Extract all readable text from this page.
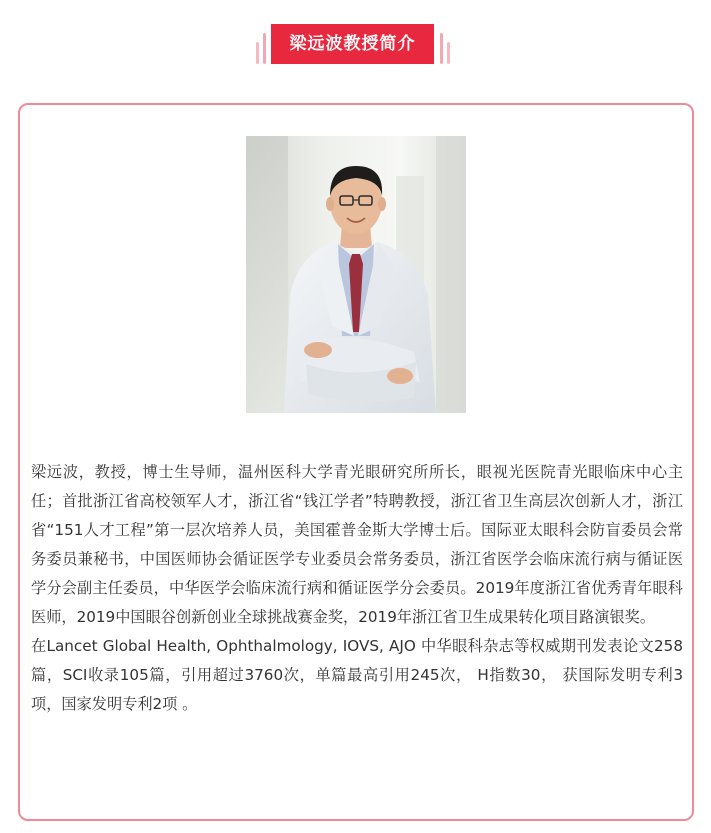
梁远波教授简介

梁远波，教授，博士生导师，温州医科大学青光眼研究所所长，眼视光医院青光眼临床中心主任；首批浙江省高校领军人才，浙江省“钱江学者”特聘教授，浙江省卫生高层次创新人才，浙江省“151人才工程”第一层次培养人员，美国霍普金斯大学博士后。国际亚太眼科会防盲委员会常务委员兼秘书，中国医师协会循证医学专业委员会常务委员，浙江省医学会临床流行病与循证医学分会副主任委员，中华医学会临床流行病和循证医学分会委员。2019年度浙江省优秀青年眼科医师，2019中国眼谷创新创业全球挑战赛金奖，2019年浙江省卫生成果转化项目路演银奖。

在Lancet Global Health, Ophthalmology, IOVS, AJO 中华眼科杂志等权威期刊发表论文258篇，SCI收录105篇，引用超过3760次，单篇最高引用245次， H指数30， 获国际发明专利3项，国家发明专利2项 。
